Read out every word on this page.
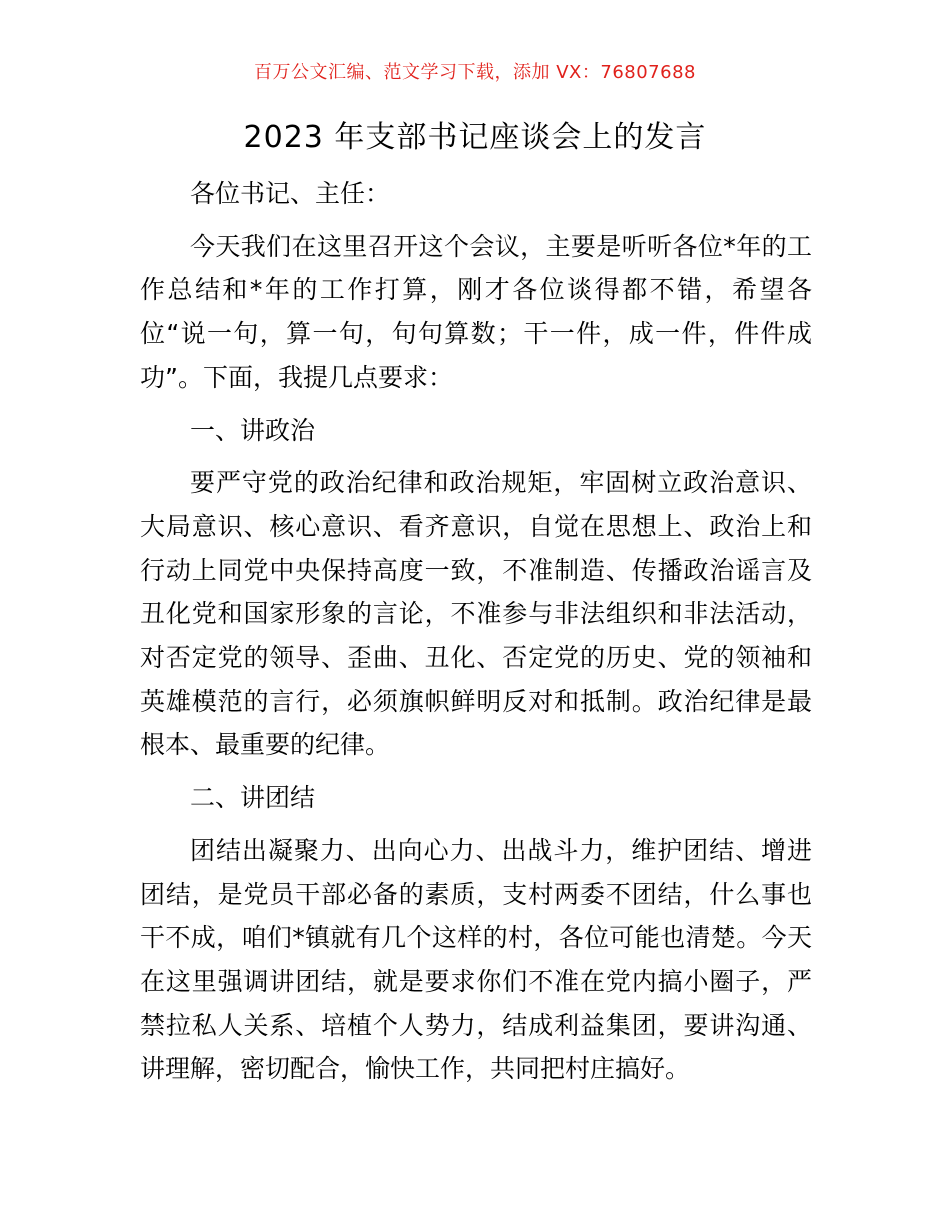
百万公文汇编、范文学习下载，添加 VX：76807688
2023 年支部书记座谈会上的发言

各位书记、主任：

今天我们在这里召开这个会议，主要是听听各位*年的工作总结和*年的工作打算，刚才各位谈得都不错，希望各位“说一句，算一句，句句算数；干一件，成一件，件件成功”。下面，我提几点要求：

一、讲政治

要严守党的政治纪律和政治规矩，牢固树立政治意识、大局意识、核心意识、看齐意识，自觉在思想上、政治上和行动上同党中央保持高度一致，不准制造、传播政治谣言及丑化党和国家形象的言论，不准参与非法组织和非法活动，对否定党的领导、歪曲、丑化、否定党的历史、党的领袖和英雄模范的言行，必须旗帜鲜明反对和抵制。政治纪律是最根本、最重要的纪律。

二、讲团结

团结出凝聚力、出向心力、出战斗力，维护团结、增进团结，是党员干部必备的素质，支村两委不团结，什么事也干不成，咱们*镇就有几个这样的村，各位可能也清楚。今天在这里强调讲团结，就是要求你们不准在党内搞小圈子，严禁拉私人关系、培植个人势力，结成利益集团，要讲沟通、讲理解，密切配合，愉快工作，共同把村庄搞好。
